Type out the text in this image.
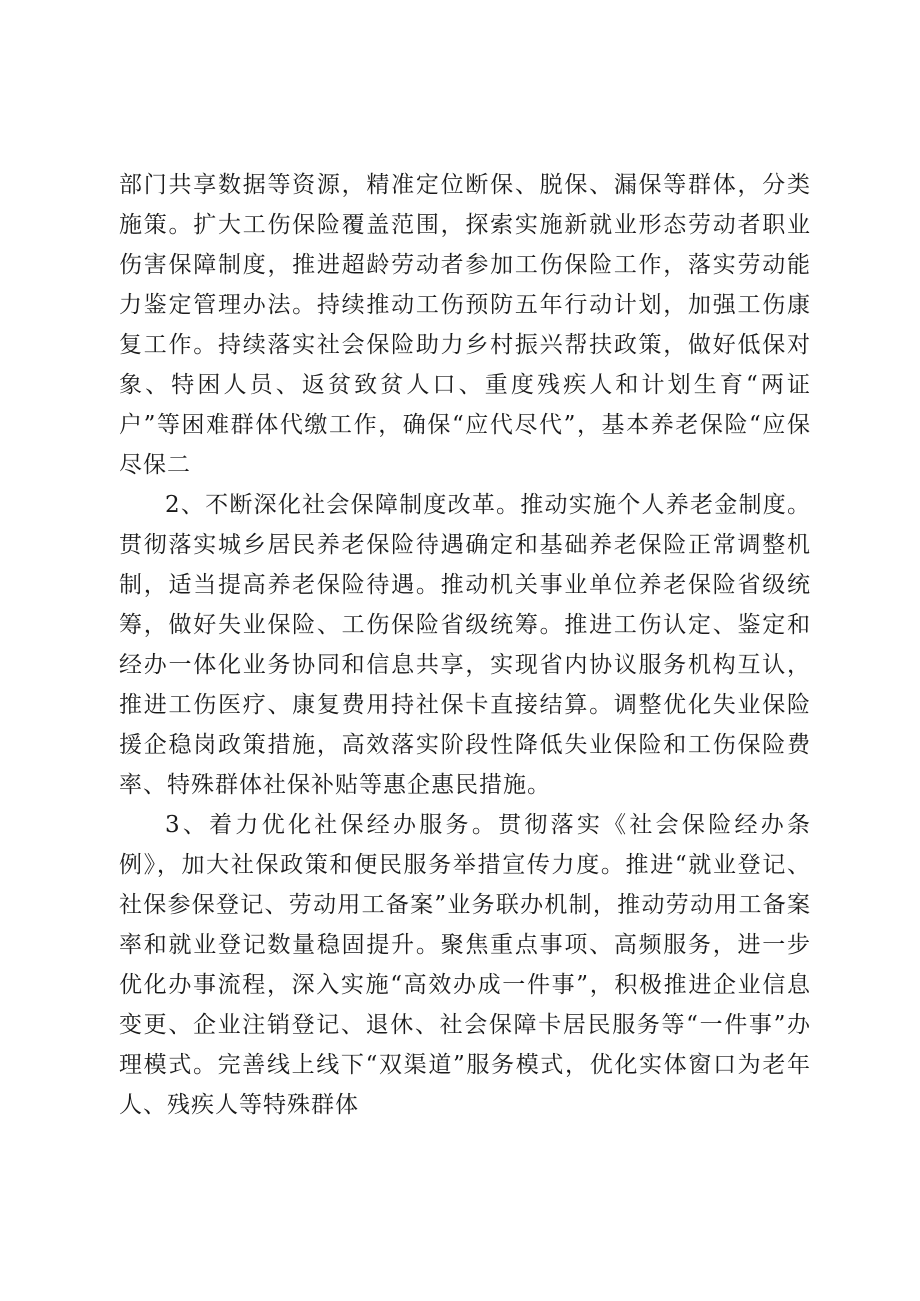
部门共享数据等资源，精准定位断保、脱保、漏保等群体，分类施策。扩大工伤保险覆盖范围，探索实施新就业形态劳动者职业伤害保障制度，推进超龄劳动者参加工伤保险工作，落实劳动能力鉴定管理办法。持续推动工伤预防五年行动计划，加强工伤康复工作。持续落实社会保险助力乡村振兴帮扶政策，做好低保对象、特困人员、返贫致贫人口、重度残疾人和计划生育“两证户”等困难群体代缴工作，确保“应代尽代”，基本养老保险“应保尽保二

2、不断深化社会保障制度改革。推动实施个人养老金制度。贯彻落实城乡居民养老保险待遇确定和基础养老保险正常调整机制，适当提高养老保险待遇。推动机关事业单位养老保险省级统筹，做好失业保险、工伤保险省级统筹。推进工伤认定、鉴定和经办一体化业务协同和信息共享，实现省内协议服务机构互认，推进工伤医疗、康复费用持社保卡直接结算。调整优化失业保险援企稳岗政策措施，高效落实阶段性降低失业保险和工伤保险费率、特殊群体社保补贴等惠企惠民措施。

3、着力优化社保经办服务。贯彻落实《社会保险经办条例》，加大社保政策和便民服务举措宣传力度。推进“就业登记、社保参保登记、劳动用工备案”业务联办机制，推动劳动用工备案率和就业登记数量稳固提升。聚焦重点事项、高频服务，进一步优化办事流程，深入实施“高效办成一件事”，积极推进企业信息变更、企业注销登记、退休、社会保障卡居民服务等“一件事”办理模式。完善线上线下“双渠道”服务模式，优化实体窗口为老年人、残疾人等特殊群体
